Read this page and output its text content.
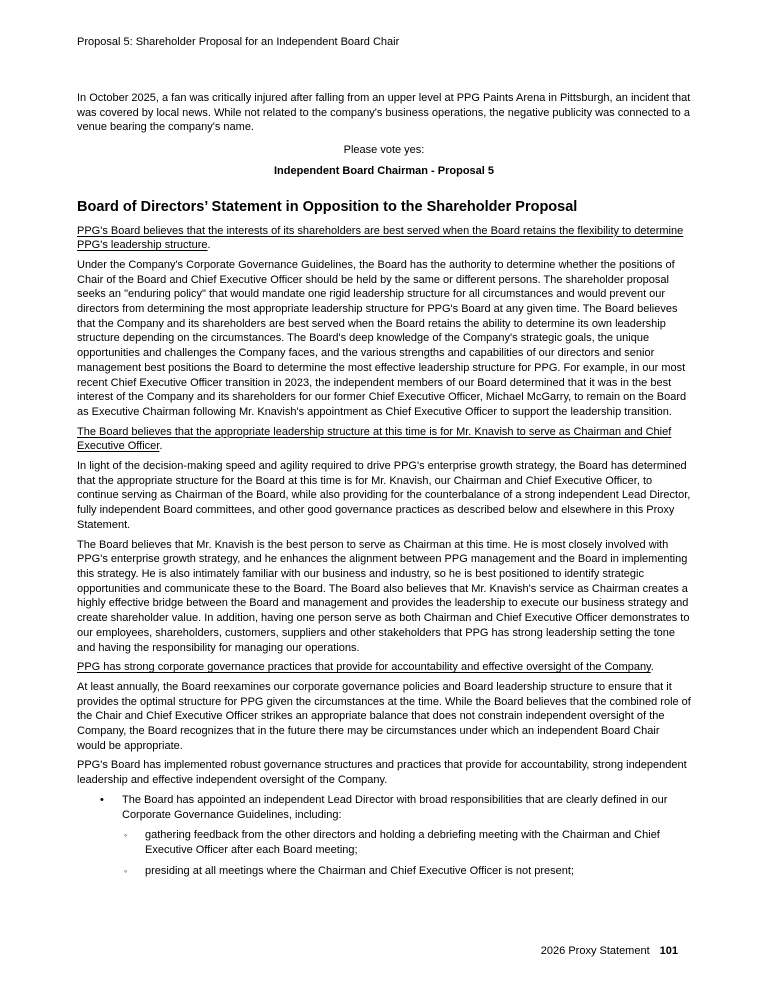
Proposal 5: Shareholder Proposal for an Independent Board Chair

In October 2025, a fan was critically injured after falling from an upper level at PPG Paints Arena in Pittsburgh, an incident that was covered by local news. While not related to the company's business operations, the negative publicity was connected to a venue bearing the company's name.

Please vote yes:

Independent Board Chairman - Proposal 5

Board of Directors’ Statement in Opposition to the Shareholder Proposal

PPG's Board believes that the interests of its shareholders are best served when the Board retains the flexibility to determine PPG's leadership structure.

Under the Company's Corporate Governance Guidelines, the Board has the authority to determine whether the positions of Chair of the Board and Chief Executive Officer should be held by the same or different persons. The shareholder proposal seeks an "enduring policy" that would mandate one rigid leadership structure for all circumstances and would prevent our directors from determining the most appropriate leadership structure for PPG's Board at any given time. The Board believes that the Company and its shareholders are best served when the Board retains the ability to determine its own leadership structure depending on the circumstances. The Board's deep knowledge of the Company's strategic goals, the unique opportunities and challenges the Company faces, and the various strengths and capabilities of our directors and senior management best positions the Board to determine the most effective leadership structure for PPG. For example, in our most recent Chief Executive Officer transition in 2023, the independent members of our Board determined that it was in the best interest of the Company and its shareholders for our former Chief Executive Officer, Michael McGarry, to remain on the Board as Executive Chairman following Mr. Knavish's appointment as Chief Executive Officer to support the leadership transition.

The Board believes that the appropriate leadership structure at this time is for Mr. Knavish to serve as Chairman and Chief Executive Officer.

In light of the decision-making speed and agility required to drive PPG's enterprise growth strategy, the Board has determined that the appropriate structure for the Board at this time is for Mr. Knavish, our Chairman and Chief Executive Officer, to continue serving as Chairman of the Board, while also providing for the counterbalance of a strong independent Lead Director, fully independent Board committees, and other good governance practices as described below and elsewhere in this Proxy Statement.

The Board believes that Mr. Knavish is the best person to serve as Chairman at this time. He is most closely involved with PPG's enterprise growth strategy, and he enhances the alignment between PPG management and the Board in implementing this strategy. He is also intimately familiar with our business and industry, so he is best positioned to identify strategic opportunities and communicate these to the Board. The Board also believes that Mr. Knavish's service as Chairman creates a highly effective bridge between the Board and management and provides the leadership to execute our business strategy and create shareholder value. In addition, having one person serve as both Chairman and Chief Executive Officer demonstrates to our employees, shareholders, customers, suppliers and other stakeholders that PPG has strong leadership setting the tone and having the responsibility for managing our operations.

PPG has strong corporate governance practices that provide for accountability and effective oversight of the Company.

At least annually, the Board reexamines our corporate governance policies and Board leadership structure to ensure that it provides the optimal structure for PPG given the circumstances at the time. While the Board believes that the combined role of the Chair and Chief Executive Officer strikes an appropriate balance that does not constrain independent oversight of the Company, the Board recognizes that in the future there may be circumstances under which an independent Board Chair would be appropriate.

PPG's Board has implemented robust governance structures and practices that provide for accountability, strong independent leadership and effective independent oversight of the Company.

•	The Board has appointed an independent Lead Director with broad responsibilities that are clearly defined in our Corporate Governance Guidelines, including:
◦	gathering feedback from the other directors and holding a debriefing meeting with the Chairman and Chief Executive Officer after each Board meeting;
◦	presiding at all meetings where the Chairman and Chief Executive Officer is not present;
2026 Proxy Statement 101
